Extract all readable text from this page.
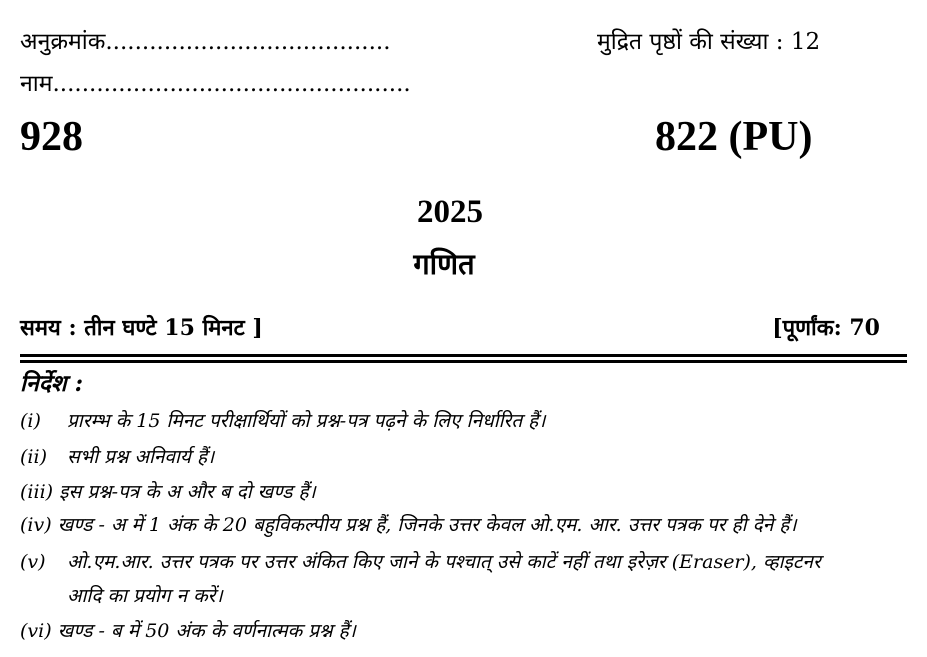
अनुक्रमांक.......................................	मुद्रित पृष्ठों की संख्या : 12
नाम.................................................
928	822 (PU)
2025
गणित
समय : तीन घण्टे 15 मिनट ]	[पूर्णांक: 70
निर्देश :
(i) प्रारम्भ के 15 मिनट परीक्षार्थियों को प्रश्न-पत्र पढ़ने के लिए निर्धारित हैं।
(ii) सभी प्रश्न अनिवार्य हैं।
(iii) इस प्रश्न-पत्र के अ और ब दो खण्ड हैं।
(iv) खण्ड - अ में 1 अंक के 20 बहुविकल्पीय प्रश्न हैं, जिनके उत्तर केवल ओ.एम. आर. उत्तर पत्रक पर ही देने हैं।
(v) ओ.एम.आर. उत्तर पत्रक पर उत्तर अंकित किए जाने के पश्चात् उसे काटें नहीं तथा इरेज़र (Eraser), व्हाइटनर
आदि का प्रयोग न करें।
(vi) खण्ड - ब में 50 अंक के वर्णनात्मक प्रश्न हैं।
